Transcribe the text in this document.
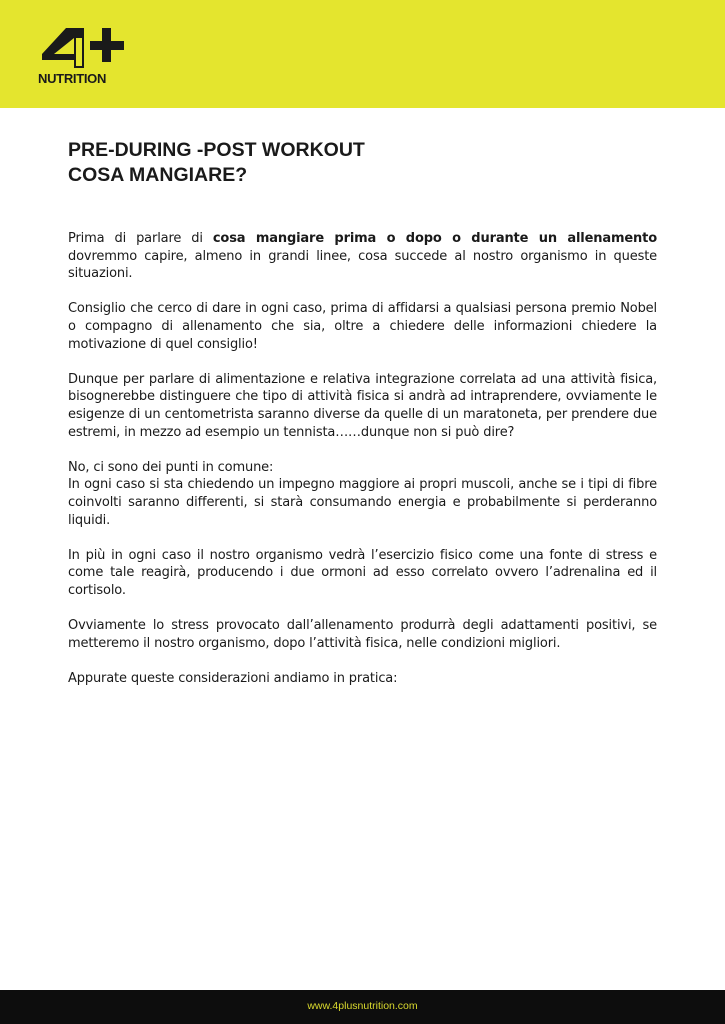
NUTRITION
PRE-DURING -POST WORKOUT
COSA MANGIARE?

Prima di parlare di cosa mangiare prima o dopo o durante un allenamento dovremmo capire, almeno in grandi linee, cosa succede al nostro organismo in queste situazioni.

Consiglio che cerco di dare in ogni caso, prima di affidarsi a qualsiasi persona premio Nobel o compagno di allenamento che sia, oltre a chiedere delle informazioni chiedere la motivazione di quel consiglio!

Dunque per parlare di alimentazione e relativa integrazione correlata ad una attività fisica, bisognerebbe distinguere che tipo di attività fisica si andrà ad intraprendere, ovviamente le esigenze di un centometrista saranno diverse da quelle di un maratoneta, per prendere due estremi, in mezzo ad esempio un tennista……dunque non si può dire?

No, ci sono dei punti in comune:
In ogni caso si sta chiedendo un impegno maggiore ai propri muscoli, anche se i tipi di fibre coinvolti saranno differenti, si starà consumando energia e probabilmente si perderanno liquidi.

In più in ogni caso il nostro organismo vedrà l’esercizio fisico come una fonte di stress e come tale reagirà, producendo i due ormoni ad esso correlato ovvero l’adrenalina ed il cortisolo.

Ovviamente lo stress provocato dall’allenamento produrrà degli adattamenti positivi, se metteremo il nostro organismo, dopo l’attività fisica, nelle condizioni migliori.

Appurate queste considerazioni andiamo in pratica:

www.4plusnutrition.com
